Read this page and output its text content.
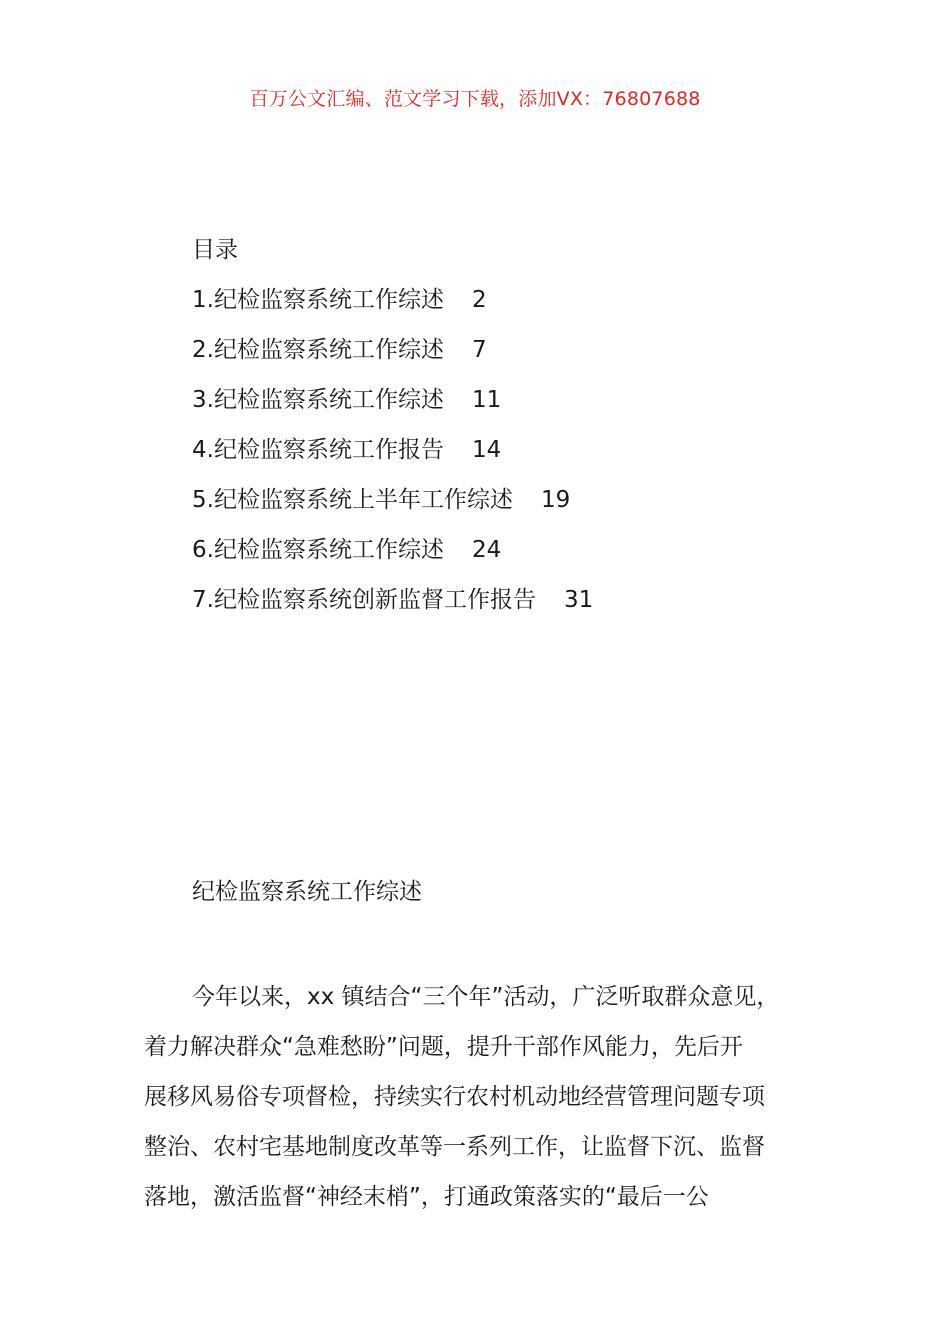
百万公文汇编、范文学习下载，添加VX：76807688
目录
1.纪检监察系统工作综述 2
2.纪检监察系统工作综述 7
3.纪检监察系统工作综述 11
4.纪检监察系统工作报告 14
5.纪检监察系统上半年工作综述 19
6.纪检监察系统工作综述 24
7.纪检监察系统创新监督工作报告 31
纪检监察系统工作综述
今年以来，xx 镇结合“三个年”活动，广泛听取群众意见，
着力解决群众“急难愁盼”问题，提升干部作风能力，先后开
展移风易俗专项督检，持续实行农村机动地经营管理问题专项
整治、农村宅基地制度改革等一系列工作，让监督下沉、监督
落地，激活监督“神经末梢”，打通政策落实的“最后一公
